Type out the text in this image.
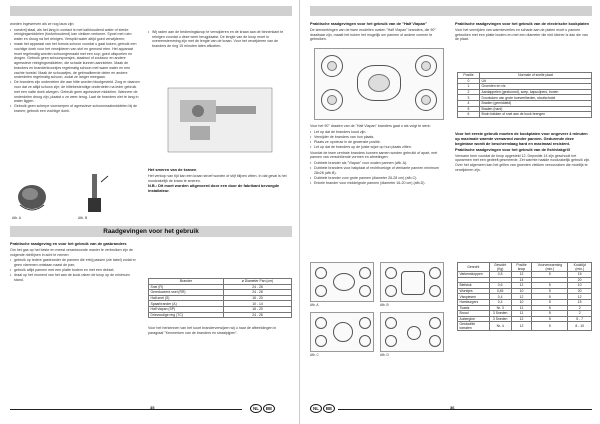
worden ingewreven als ze nog lauw zijn;

• roestvrij staal, als het lang in contact is met kalkhoudend water of sterke reinigingsmiddelen (fosforhoudend) kan vlekken vertonen. Spoel met ruim water en droog na het reinigen. Verspild water altijd goed verwijderen;
• maak het apparaat van het fornuis schoon voordat u gaat koken; gebruik een vochtige doek voor het verwijderen van stof en gemorst eten. Het apparaat moet regelmatig worden schoongemaakt met een sop; goed uitspoelen en drogen. Gebruik geen schuursponsjes, staalwol of zoutzuur en andere agressieve reinigingsmiddelen, die schade kunnen aanrichten. Maak de branders en branderkroontjes regelmatig schoon met warm water en een zachte borstel. Maak de schouwtjes, de geëmailleerde delen en andere onderdelen regelmatig schoon, zodat ze langer meegaan.
• De branders zijn onderdelen die aan hitte worden blootgesteld. Zorg er daarom voor dat ze altijd schoon zijn; de hittebestendige onderdelen na ieder gebruik met een natte doek afvegen. Gebruik geen agressieve middelen. Wanneer de onderdelen droog zijn, plaatst u ze weer terug. Laat de branders niet te lang in water liggen.
• Gebruik geen scherpe voorwerpen of agressieve schoonmaakmiddelen bij de kranen; gebruik een vochtige doek.
Afb. A	Afb. B
• Wij raden aan de bedieningsknop te verwijderen en de kraan aan de binnenkant te reinigen voordat u deze weer terugplaatst. De lengte van de knop moet in overeenstemming zijn met de lengte van de kraan. Voor het verwijderen van de branders de ring 15 minuten laten afkoelen.

Het smeren van de kranen

Het verloop van tijd kan een kraan stroef worden of stijf blijven zitten. In dat geval is het noodzakelijk de kraan te smeren.

N.B.: Dit moet worden uitgevoerd door een door de fabrikant bevoegde installateur.

Raadgevingen voor het gebruik

Praktische raadgeving en voor het gebruik van de gasbranders

Om het gas op het beste en meest verantwoorde manier te verbruiken zijn de volgende richtlijnen in acht te nemen:

• gebruik op iedere gasbrander de pannen die erbij passen (zie tabel) zodat er geen vlammen ontstaan naast de pan;
• gebruik altijd pannen met een platte bodem en met een deksel;
• draai op het moment van het aan de kook raken de knop op de minimum stand.	Brander	ø Diameter Pan (cm)
Snel (R)	24 - 26
Gereduceerd snel (RR)	24 - 26
Half-snel (S)	16 - 20
Spaarbrander (A)	10 - 14
Half vlapan (SP)	16 - 20
Drievoudige ring (TC)	24 - 26

Voor het herkennen van het soort branderverwijzen wij u naar de afbeeldingen in paragraaf "Kenmerken van de branders en straalpijpen".

35	NL	BE

Praktische raadgevingen voor het gebruik van de "Half Vlapan"

De sierwerkingen van de twee modellen ovalen "Half Vlapan" branders, die 90° draaibaar zijn, maakt het koken het mogelijk om pannen of andere vormen te gebruiken.

Voor het 90° draaien van de "Half Vlapan" branders gaat u als volgt te werk:

• Let op dat de branders koud zijn.
• Verwijder de branders van hun plaats.
• Plaats ze opnieuw in de gewenste positie.
• Let op dat de branders op de juiste wijze op hun plaats zitten.

Voordat de twee centrale branders kunnen samen worden gebruikt of apart, met pannen van verschillende vormen en afmetingen:

• Dubbele brander als "Vlapan" voor ovalen pannen (afb. A).
• Dubbele branders voor bakplaat of rechthoekige of vierkante pannen minimum 28x28 (afb.B).
• Dubbele brander voor grote pannen (diameter 26-28 cm) (afb.C).
• Enkele brander voor middelgrote pannen (diameter 16-20 cm) (afb.D).
Afb. A	Afb. B
Afb. C	Afb. D

Praktische raadgevingen voor het gebruik van de electrische kookplaten

Voor het vermijden van warmteverlies en schade aan de platen moet u pannen gebruiken met een platte bodem en met een diameter die niet kleiner is dan die van de plaat.

Positie	Normale of snelle plaat
0	Uit
1	Groenten en vis
2	Aardappelen (gestoomd), soep, kapucijners, bonen
3	Doorkoken van grote hoeveelheden, stoofschotel
4	Braden (gemiddeld)
5	Braden (hard)
6	Bruin bakken of snel aan de kook brengen

Voor het eerste gebruik moeten de kookplaten voor ongeveer 4 minuten op maximale warmte verwarmd zonder pannen. Gedurende deze begintase wordt de beschermlaag hard en maximaal resistent.

Praktische raadgevingen voor het gebruik van de fish/vlakgrill

Verwarm hem voordat de knop opgesteld 12. Depositie 14 zijn geschoolt het opwarmen met een gedeelt gesmeerde. Zet warmte haalde noodzakelijk gebruik zijn. Over het algemeen kan het grillen van groenten vlekken veroorzaken die moeilijk te verwijderen zijn.

Gerecht	Gewicht (Kg)	Positie knop	Voorverwarming (min.)	Kooktijd (min.)
Varkenskoppen	0,5	12	5	15
		14		20
Biefstuk	0,6	12	5	10
Worstjes	0,45	10	5	20
Visspiesen	0,4	12	5	12
Hamburgers	0,4	10	5	15
Toasts	Nr. 3	11	5	2
Brood	3 Sneden	11	5	2
Aubergine	3 Sneden	12	5	5 - 7
Gestoofde tomaten	Nr. 4	12	5	8 - 10
NL	BE	36
